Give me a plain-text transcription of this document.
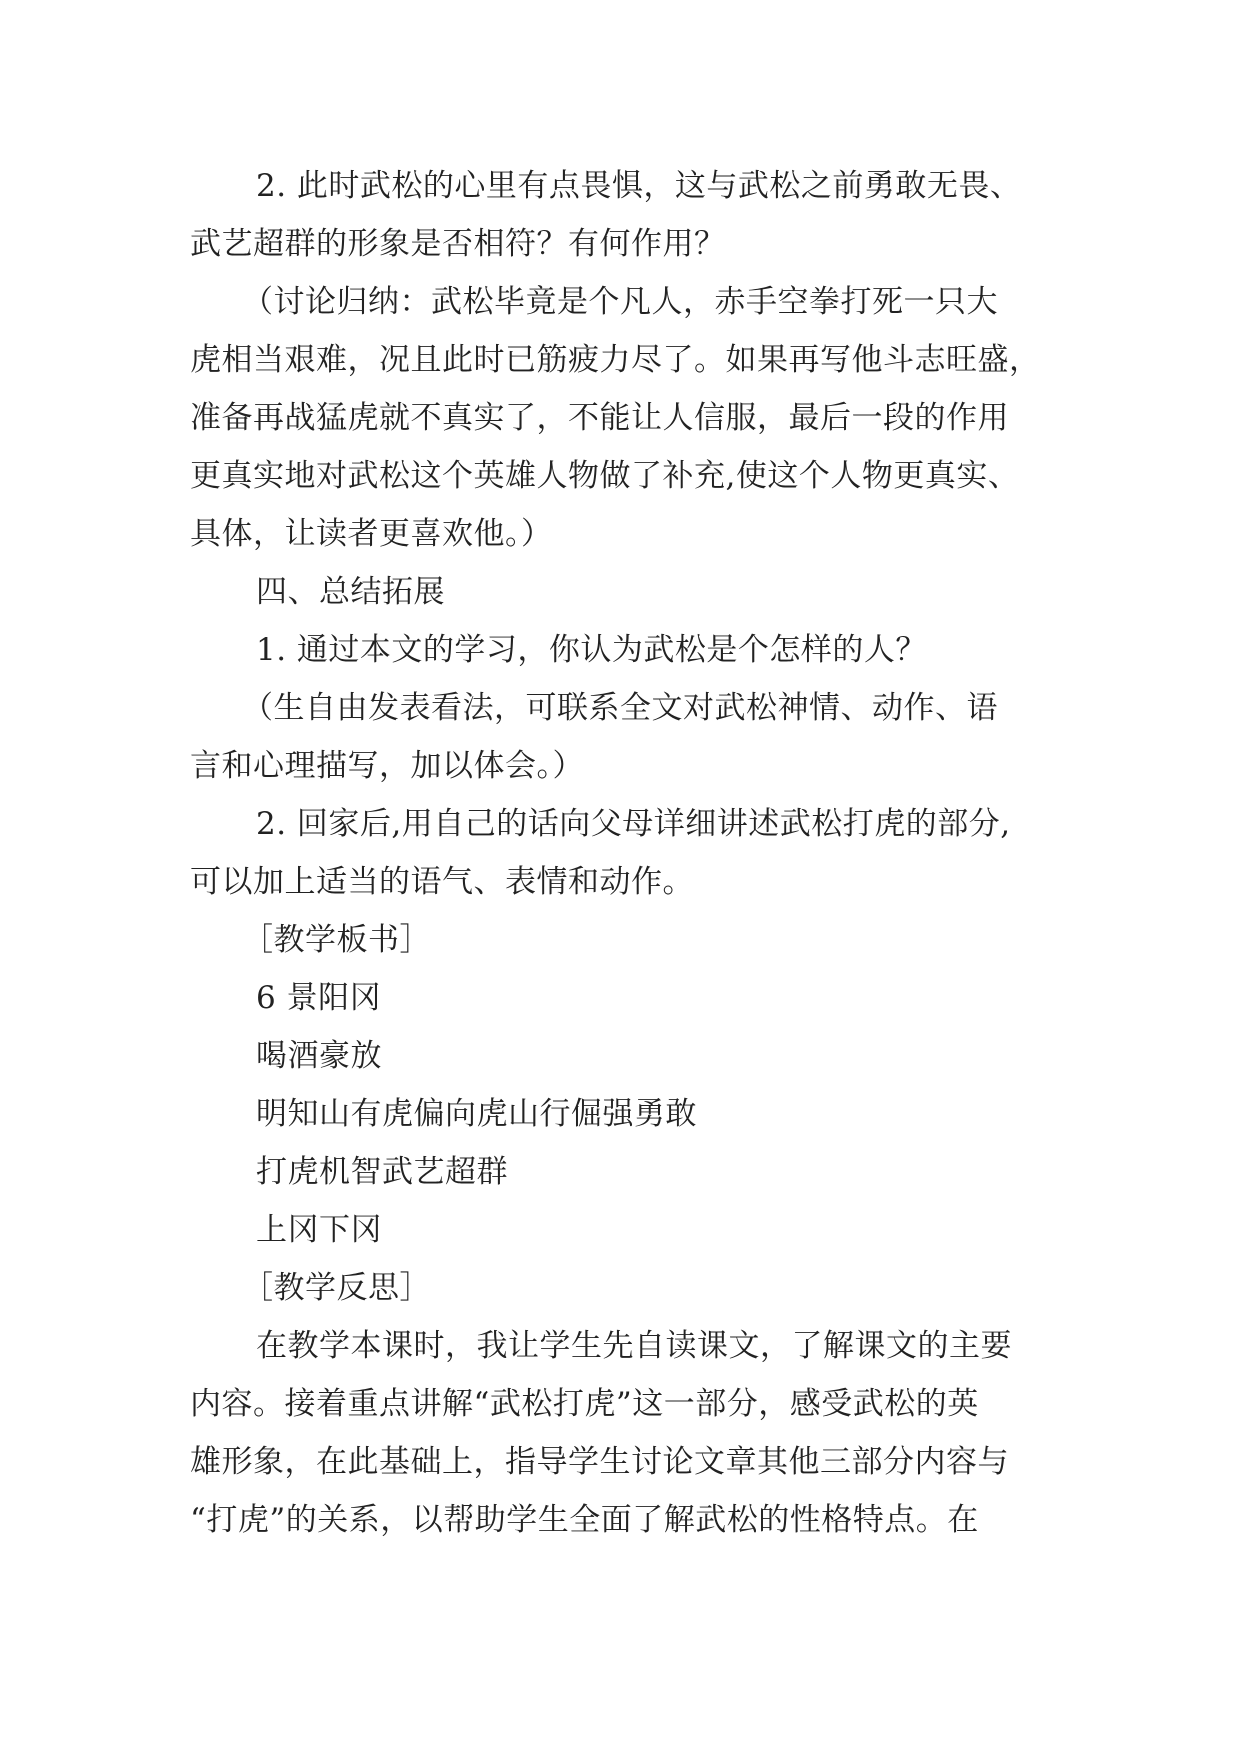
2. 此时武松的心里有点畏惧，这与武松之前勇敢无畏、
武艺超群的形象是否相符？有何作用？
（讨论归纳：武松毕竟是个凡人，赤手空拳打死一只大
虎相当艰难，况且此时已筋疲力尽了。如果再写他斗志旺盛，
准备再战猛虎就不真实了，不能让人信服，最后一段的作用
更真实地对武松这个英雄人物做了补充,使这个人物更真实、
具体，让读者更喜欢他。）
四、总结拓展
1. 通过本文的学习，你认为武松是个怎样的人？
（生自由发表看法，可联系全文对武松神情、动作、语
言和心理描写，加以体会。）
2. 回家后,用自己的话向父母详细讲述武松打虎的部分,
可以加上适当的语气、表情和动作。
［教学板书］
6 景阳冈
喝酒豪放
明知山有虎偏向虎山行倔强勇敢
打虎机智武艺超群
上冈下冈
［教学反思］
在教学本课时，我让学生先自读课文，了解课文的主要
内容。接着重点讲解“武松打虎”这一部分，感受武松的英
雄形象，在此基础上，指导学生讨论文章其他三部分内容与
“打虎”的关系，以帮助学生全面了解武松的性格特点。在
